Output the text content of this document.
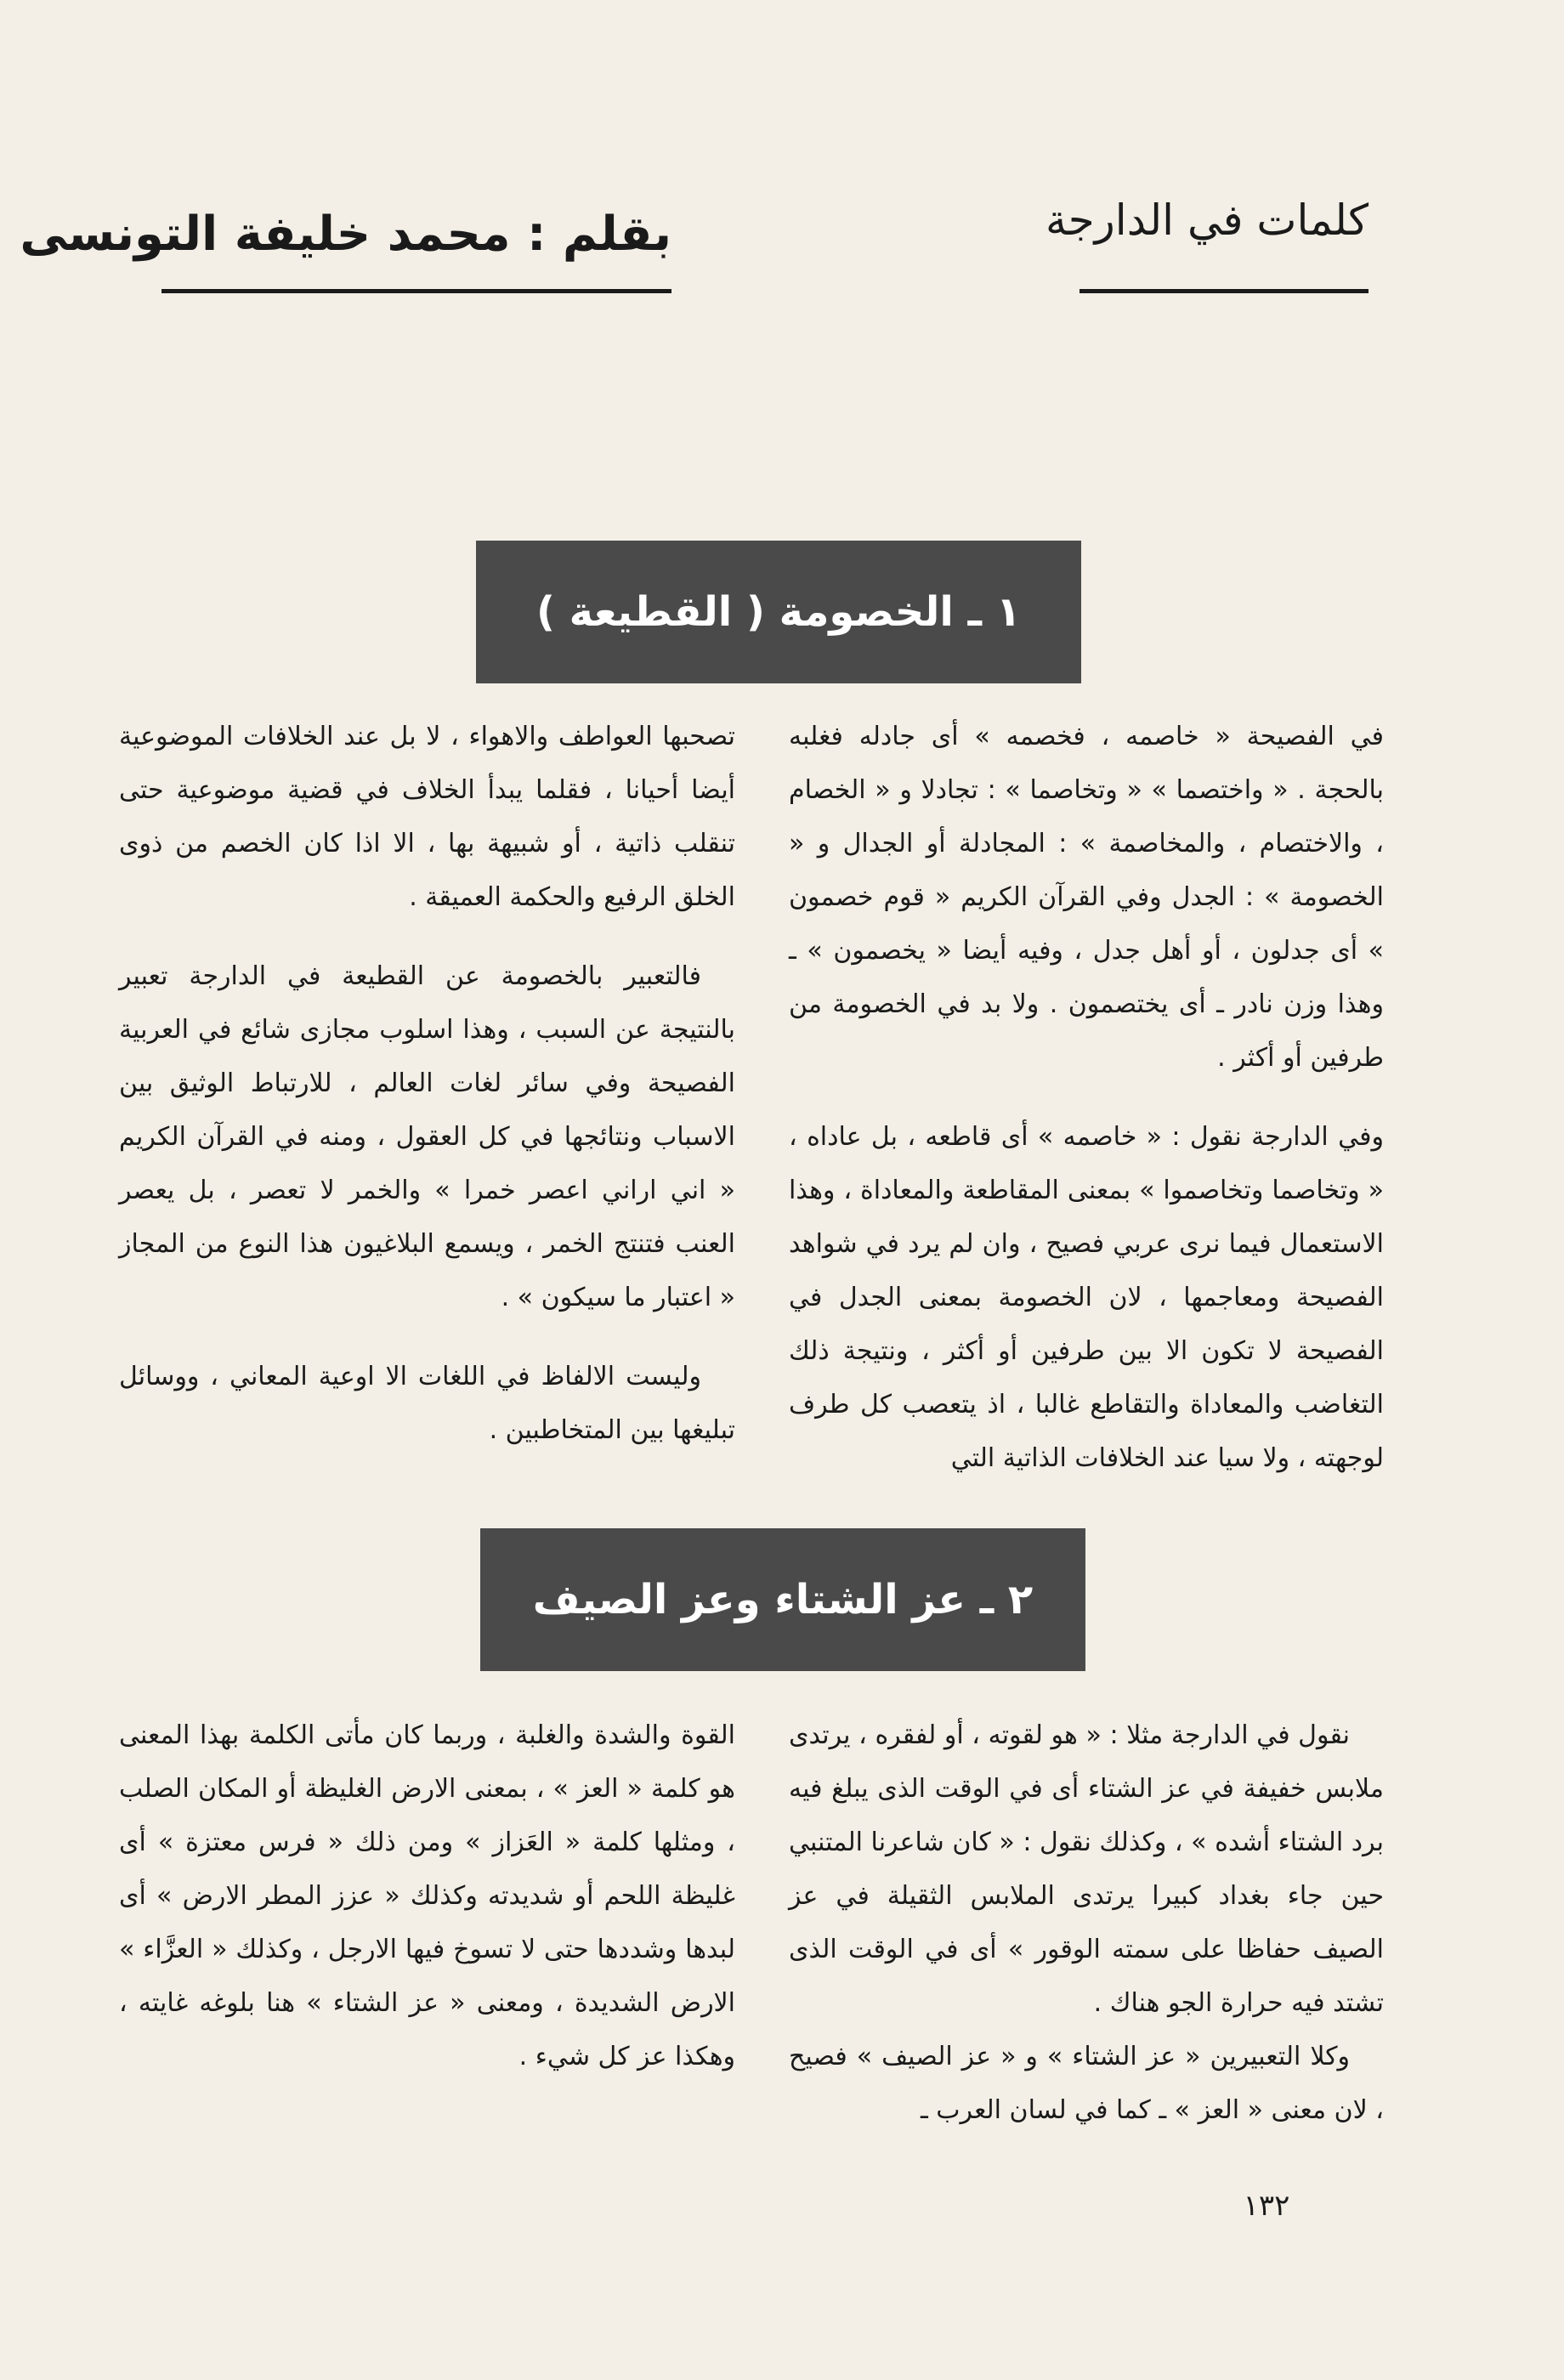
كلمات في الدارجة
بقلم : محمد خليفة التونسى
١ ـ الخصومة ( القطيعة )

في الفصيحة « خاصمه ، فخصمه » أى جادله فغلبه بالحجة . « واختصما » « وتخاصما » : تجادلا و « الخصام ، والاختصام ، والمخاصمة » : المجادلة أو الجدال و « الخصومة » : الجدل وفي القرآن الكريم « قوم خصمون » أى جدلون ، أو أهل جدل ، وفيه أيضا « يخصمون » ـ وهذا وزن نادر ـ أى يختصمون . ولا بد في الخصومة من طرفين أو أكثر .

وفي الدارجة نقول : « خاصمه » أى قاطعه ، بل عاداه ، « وتخاصما وتخاصموا » بمعنى المقاطعة والمعاداة ، وهذا الاستعمال فيما نرى عربي فصيح ، وان لم يرد في شواهد الفصيحة ومعاجمها ، لان الخصومة بمعنى الجدل في الفصيحة لا تكون الا بين طرفين أو أكثر ، ونتيجة ذلك التغاضب والمعاداة والتقاطع غالبا ، اذ يتعصب كل طرف لوجهته ، ولا سيا عند الخلافات الذاتية التي

تصحبها العواطف والاهواء ، لا بل عند الخلافات الموضوعية أيضا أحيانا ، فقلما يبدأ الخلاف في قضية موضوعية حتى تنقلب ذاتية ، أو شبيهة بها ، الا اذا كان الخصم من ذوى الخلق الرفيع والحكمة العميقة .

فالتعبير بالخصومة عن القطيعة في الدارجة تعبير بالنتيجة عن السبب ، وهذا اسلوب مجازى شائع في العربية الفصيحة وفي سائر لغات العالم ، للارتباط الوثيق بين الاسباب ونتائجها في كل العقول ، ومنه في القرآن الكريم « اني اراني اعصر خمرا » والخمر لا تعصر ، بل يعصر العنب فتنتج الخمر ، ويسمع البلاغيون هذا النوع من المجاز « اعتبار ما سيكون » .

وليست الالفاظ في اللغات الا اوعية المعاني ، ووسائل تبليغها بين المتخاطبين .

٢ ـ عز الشتاء وعز الصيف

نقول في الدارجة مثلا : « هو لقوته ، أو لفقره ، يرتدى ملابس خفيفة في عز الشتاء أى في الوقت الذى يبلغ فيه برد الشتاء أشده » ، وكذلك نقول : « كان شاعرنا المتنبي حين جاء بغداد كبيرا يرتدى الملابس الثقيلة في عز الصيف حفاظا على سمته الوقور » أى في الوقت الذى تشتد فيه حرارة الجو هناك .

وكلا التعبيرين « عز الشتاء » و « عز الصيف » فصيح ، لان معنى « العز » ـ كما في لسان العرب ـ

القوة والشدة والغلبة ، وربما كان مأتى الكلمة بهذا المعنى هو كلمة « العز » ، بمعنى الارض الغليظة أو المكان الصلب ، ومثلها كلمة « العَزاز » ومن ذلك « فرس معتزة » أى غليظة اللحم أو شديدته وكذلك « عزز المطر الارض » أى لبدها وشددها حتى لا تسوخ فيها الارجل ، وكذلك « العزَّاء » الارض الشديدة ، ومعنى « عز الشتاء » هنا بلوغه غايته ، وهكذا عز كل شيء .

١٣٢
